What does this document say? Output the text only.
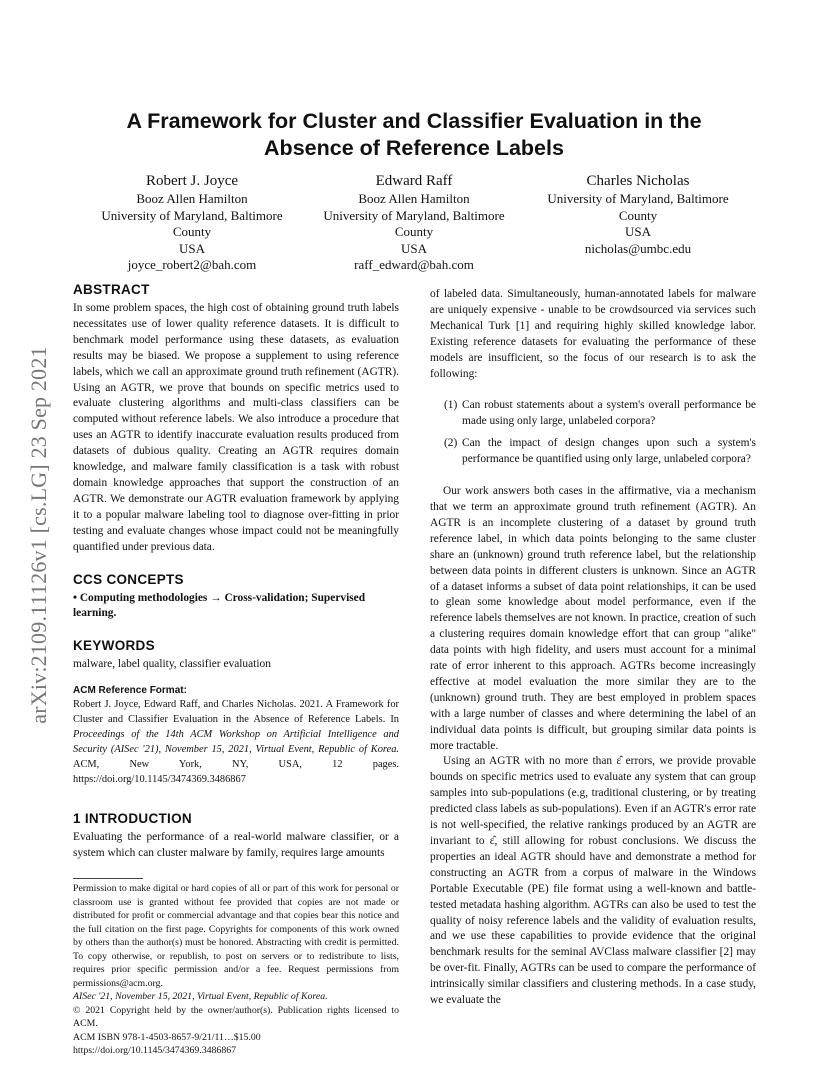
arXiv:2109.11126v1 [cs.LG] 23 Sep 2021
A Framework for Cluster and Classifier Evaluation in the
Absence of Reference Labels
Robert J. Joyce
Booz Allen Hamilton
University of Maryland, Baltimore
County
USA
joyce_robert2@bah.com
Edward Raff
Booz Allen Hamilton
University of Maryland, Baltimore
County
USA
raff_edward@bah.com
Charles Nicholas
University of Maryland, Baltimore
County
USA
nicholas@umbc.edu
ABSTRACT

In some problem spaces, the high cost of obtaining ground truth labels necessitates use of lower quality reference datasets. It is difficult to benchmark model performance using these datasets, as evaluation results may be biased. We propose a supplement to using reference labels, which we call an approximate ground truth refinement (AGTR). Using an AGTR, we prove that bounds on specific metrics used to evaluate clustering algorithms and multi-class classifiers can be computed without reference labels. We also introduce a procedure that uses an AGTR to identify inaccurate evaluation results produced from datasets of dubious quality. Creating an AGTR requires domain knowledge, and malware family classification is a task with robust domain knowledge approaches that support the construction of an AGTR. We demonstrate our AGTR evaluation framework by applying it to a popular malware labeling tool to diagnose over-fitting in prior testing and evaluate changes whose impact could not be meaningfully quantified under previous data.

CCS CONCEPTS

• Computing methodologies → Cross-validation; Supervised learning.

KEYWORDS

malware, label quality, classifier evaluation

ACM Reference Format:

Robert J. Joyce, Edward Raff, and Charles Nicholas. 2021. A Framework for Cluster and Classifier Evaluation in the Absence of Reference Labels. In Proceedings of the 14th ACM Workshop on Artificial Intelligence and Security (AISec '21), November 15, 2021, Virtual Event, Republic of Korea. ACM, New York, NY, USA, 12 pages. https://doi.org/10.1145/3474369.3486867

1 INTRODUCTION

Evaluating the performance of a real-world malware classifier, or a system which can cluster malware by family, requires large amounts

Permission to make digital or hard copies of all or part of this work for personal or classroom use is granted without fee provided that copies are not made or distributed for profit or commercial advantage and that copies bear this notice and the full citation on the first page. Copyrights for components of this work owned by others than the author(s) must be honored. Abstracting with credit is permitted. To copy otherwise, or republish, to post on servers or to redistribute to lists, requires prior specific permission and/or a fee. Request permissions from permissions@acm.org.

AISec '21, November 15, 2021, Virtual Event, Republic of Korea.

© 2021 Copyright held by the owner/author(s). Publication rights licensed to ACM.

ACM ISBN 978-1-4503-8657-9/21/11…$15.00

https://doi.org/10.1145/3474369.3486867

of labeled data. Simultaneously, human-annotated labels for malware are uniquely expensive - unable to be crowdsourced via services such Mechanical Turk [1] and requiring highly skilled knowledge labor. Existing reference datasets for evaluating the performance of these models are insufficient, so the focus of our research is to ask the following:

(1) Can robust statements about a system's overall performance be made using only large, unlabeled corpora?
(2) Can the impact of design changes upon such a system's performance be quantified using only large, unlabeled corpora?

Our work answers both cases in the affirmative, via a mechanism that we term an approximate ground truth refinement (AGTR). An AGTR is an incomplete clustering of a dataset by ground truth reference label, in which data points belonging to the same cluster share an (unknown) ground truth reference label, but the relationship between data points in different clusters is unknown. Since an AGTR of a dataset informs a subset of data point relationships, it can be used to glean some knowledge about model performance, even if the reference labels themselves are not known. In practice, creation of such a clustering requires domain knowledge effort that can group "alike" data points with high fidelity, and users must account for a minimal rate of error inherent to this approach. AGTRs become increasingly effective at model evaluation the more similar they are to the (unknown) ground truth. They are best employed in problem spaces with a large number of classes and where determining the label of an individual data points is difficult, but grouping similar data points is more tractable.

Using an AGTR with no more than ε̂ errors, we provide provable bounds on specific metrics used to evaluate any system that can group samples into sub-populations (e.g, traditional clustering, or by treating predicted class labels as sub-populations). Even if an AGTR's error rate is not well-specified, the relative rankings produced by an AGTR are invariant to ε̂, still allowing for robust conclusions. We discuss the properties an ideal AGTR should have and demonstrate a method for constructing an AGTR from a corpus of malware in the Windows Portable Executable (PE) file format using a well-known and battle-tested metadata hashing algorithm. AGTRs can also be used to test the quality of noisy reference labels and the validity of evaluation results, and we use these capabilities to provide evidence that the original benchmark results for the seminal AVClass malware classifier [2] may be over-fit. Finally, AGTRs can be used to compare the performance of intrinsically similar classifiers and clustering methods. In a case study, we evaluate the
